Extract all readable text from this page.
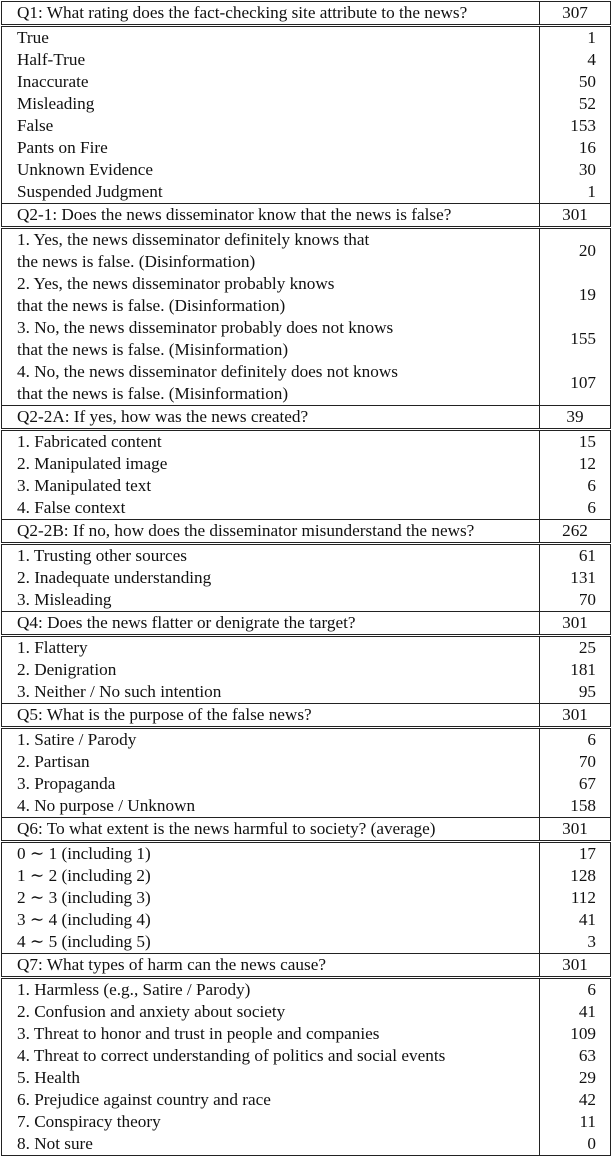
Q1: What rating does the fact-checking site attribute to the news?	307

True	1

Half-True	4

Inaccurate	50

Misleading	52

False	153

Pants on Fire	16

Unknown Evidence	30

Suspended Judgment	1
Q2-1: Does the news disseminator know that the news is false?	301

1. Yes, the news disseminator definitely knows that
the news is false. (Disinformation)	20

2. Yes, the news disseminator probably knows
that the news is false. (Disinformation)	19

3. No, the news disseminator probably does not knows
that the news is false. (Misinformation)	155

4. No, the news disseminator definitely does not knows
that the news is false. (Misinformation)	107
Q2-2A: If yes, how was the news created?	39

1. Fabricated content	15

2. Manipulated image	12

3. Manipulated text	6

4. False context	6
Q2-2B: If no, how does the disseminator misunderstand the news?	262

1. Trusting other sources	61

2. Inadequate understanding	131

3. Misleading	70
Q4: Does the news flatter or denigrate the target?	301

1. Flattery	25

2. Denigration	181

3. Neither / No such intention	95
Q5: What is the purpose of the false news?	301

1. Satire / Parody	6

2. Partisan	70

3. Propaganda	67

4. No purpose / Unknown	158
Q6: To what extent is the news harmful to society? (average)	301

0 ∼ 1 (including 1)	17

1 ∼ 2 (including 2)	128

2 ∼ 3 (including 3)	112

3 ∼ 4 (including 4)	41

4 ∼ 5 (including 5)	3
Q7: What types of harm can the news cause?	301

1. Harmless (e.g., Satire / Parody)	6

2. Confusion and anxiety about society	41

3. Threat to honor and trust in people and companies	109

4. Threat to correct understanding of politics and social events	63

5. Health	29

6. Prejudice against country and race	42

7. Conspiracy theory	11

8. Not sure	0
